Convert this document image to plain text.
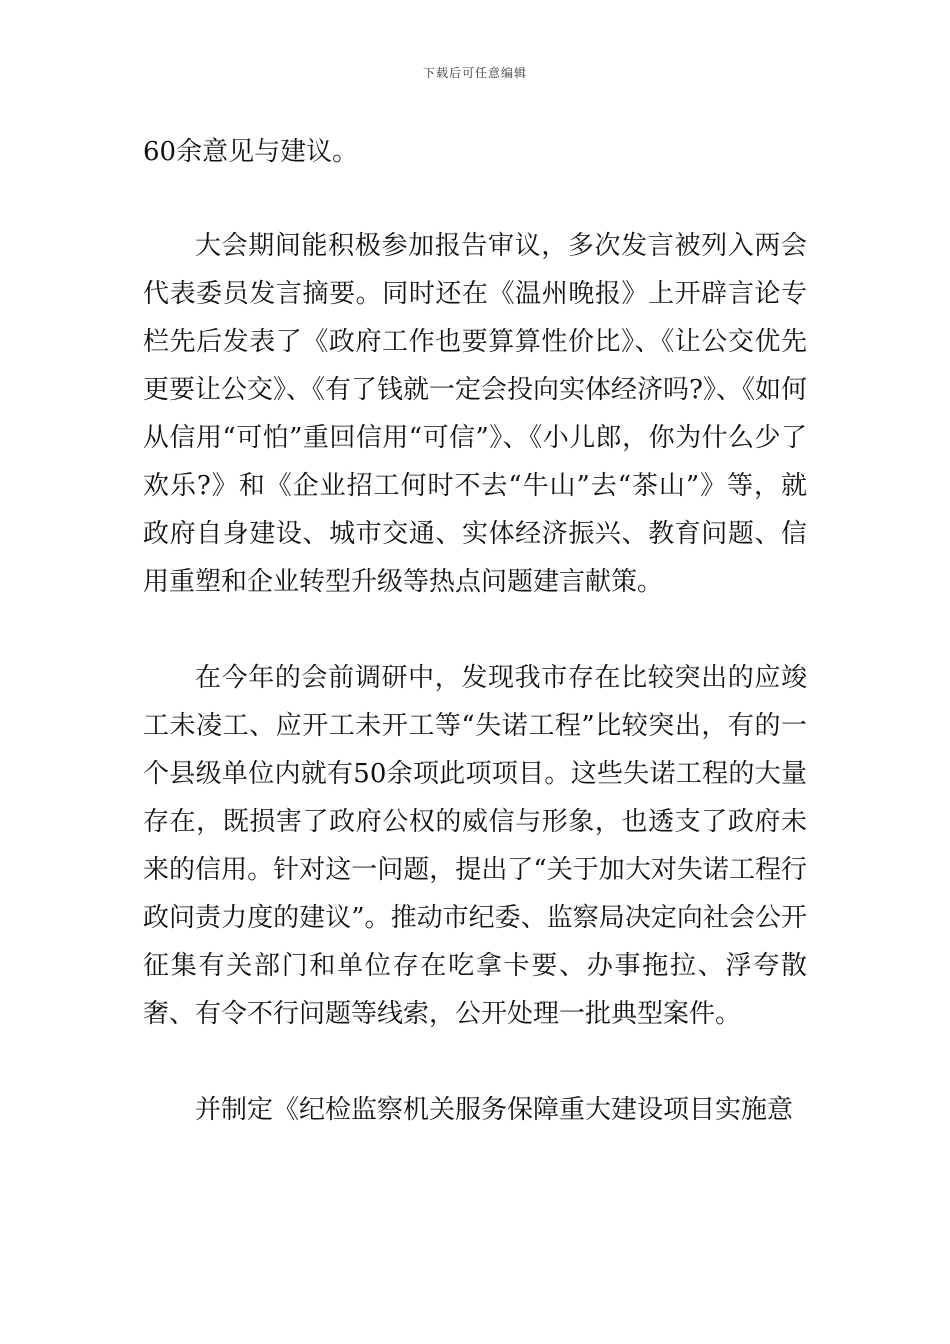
下载后可任意编辑

60余意见与建议。

大会期间能积极参加报告审议，多次发言被列入两会代表委员发言摘要。同时还在《温州晚报》上开辟言论专栏先后发表了《政府工作也要算算性价比》、《让公交优先更要让公交》、《有了钱就一定会投向实体经济吗?》、《如何从信用“可怕”重回信用“可信”》、《小儿郎，你为什么少了欢乐?》和《企业招工何时不去“牛山”去“茶山”》等，就政府自身建设、城市交通、实体经济振兴、教育问题、信用重塑和企业转型升级等热点问题建言献策。

在今年的会前调研中，发现我市存在比较突出的应竣工未凌工、应开工未开工等“失诺工程”比较突出，有的一个县级单位内就有50余项此项项目。这些失诺工程的大量存在，既损害了政府公权的威信与形象，也透支了政府未来的信用。针对这一问题，提出了“关于加大对失诺工程行政问责力度的建议”。推动市纪委、监察局决定向社会公开征集有关部门和单位存在吃拿卡要、办事拖拉、浮夸散奢、有令不行问题等线索，公开处理一批典型案件。

并制定《纪检监察机关服务保障重大建设项目实施意
